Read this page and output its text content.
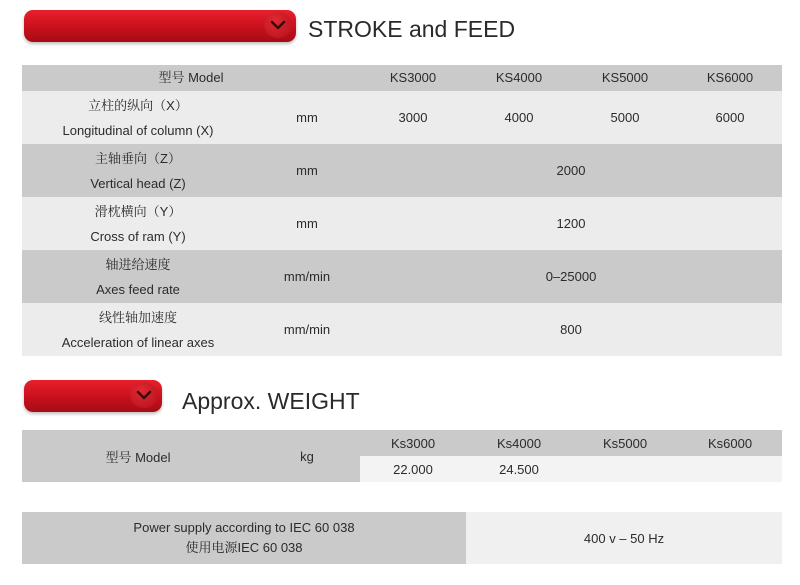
STROKE and FEED
型号 Model		KS3000	KS4000	KS5000	KS6000

立柱的纵向（X）
Longitudinal of column (X)	mm	3000	4000	5000	6000

主轴垂向（Z）
Vertical head (Z)	mm	2000			

滑枕横向（Y）
Cross of ram (Y)	mm	1200			

轴进给速度
Axes feed rate	mm/min	0–25000			

线性轴加速度
Acceleration of linear axes	mm/min	800			
Approx. WEIGHT
型号 Model	kg	Ks3000	Ks4000	Ks5000	Ks6000
		22.000	24.500		
Power supply according to IEC 60 038
使用电源IEC 60 038
	400 v – 50 Hz
